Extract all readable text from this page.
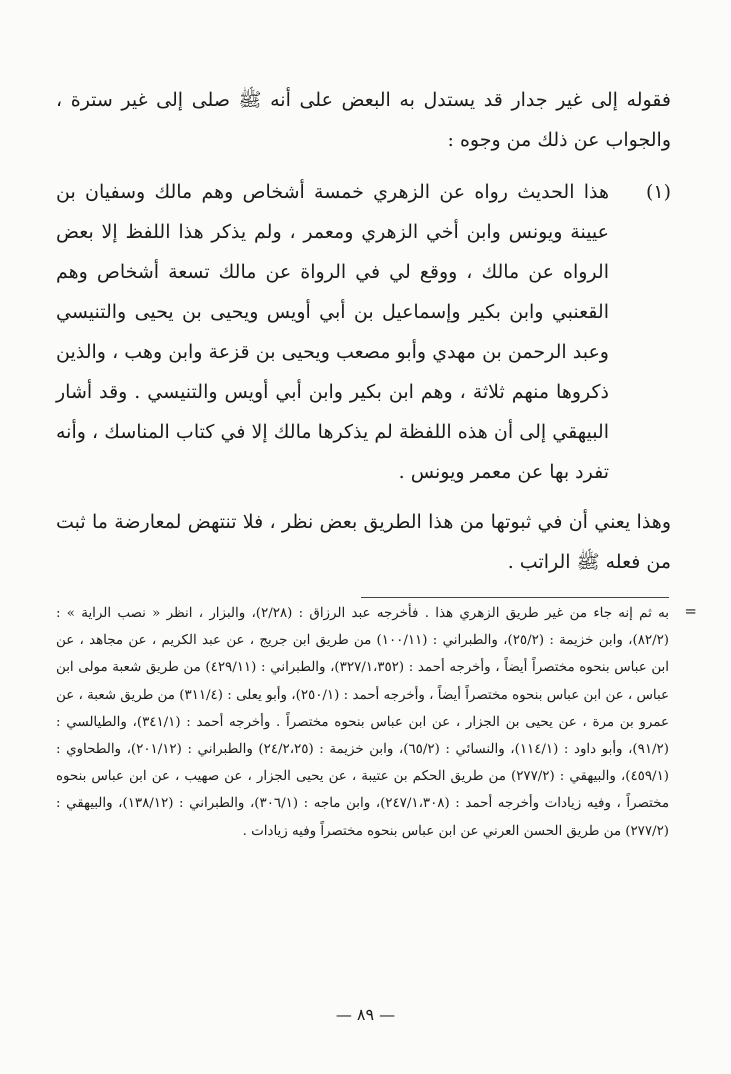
فقوله إلى غير جدار قد يستدل به البعض على أنه ﷺ صلى إلى غير سترة ، والجواب عن ذلك من وجوه :

(١)
هذا الحديث رواه عن الزهري خمسة أشخاص وهم مالك وسفيان بن عيينة ويونس وابن أخي الزهري ومعمر ، ولم يذكر هذا اللفظ إلا بعض الرواه عن مالك ، ووقع لي في الرواة عن مالك تسعة أشخاص وهم القعنبي وابن بكير وإسماعيل بن أبي أويس ويحيى بن يحيى والتنيسي وعبد الرحمن بن مهدي وأبو مصعب ويحيى بن قزعة وابن وهب ، والذين ذكروها منهم ثلاثة ، وهم ابن بكير وابن أبي أويس والتنيسي . وقد أشار البيهقي إلى أن هذه اللفظة لم يذكرها مالك إلا في كتاب المناسك ، وأنه تفرد بها عن معمر ويونس .

وهذا يعني أن في ثبوتها من هذا الطريق بعض نظر ، فلا تنتهض لمعارضة ما ثبت من فعله ﷺ الراتب .

=

به ثم إنه جاء من غير طريق الزهري هذا . فأخرجه عبد الرزاق : (٢/٢٨)، والبزار ، انظر « نصب الراية » : (٨٢/٢)، وابن خزيمة : (٢٥/٢)، والطبراني : (١٠٠/١١) من طريق ابن جريج ، عن عبد الكريم ، عن مجاهد ، عن ابن عباس بنحوه مختصراً أيضاً ، وأخرجه أحمد : (٣٢٧/١،٣٥٢)، والطبراني : (٤٢٩/١١) من طريق شعبة مولى ابن عباس ، عن ابن عباس بنحوه مختصراً أيضاً ، وأخرجه أحمد : (٢٥٠/١)، وأبو يعلى : (٣١١/٤) من طريق شعبة ، عن عمرو بن مرة ، عن يحيى بن الجزار ، عن ابن عباس بنحوه مختصراً . وأخرجه أحمد : (٣٤١/١)، والطيالسي : (٩١/٢)، وأبو داود : (١١٤/١)، والنسائي : (٦٥/٢)، وابن خزيمة : (٢٤/٢،٢٥) والطبراني : (٢٠١/١٢)، والطحاوي : (٤٥٩/١)، والبيهقي : (٢٧٧/٢) من طريق الحكم بن عتيبة ، عن يحيى الجزار ، عن صهيب ، عن ابن عباس بنحوه مختصراً ، وفيه زيادات وأخرجه أحمد : (٢٤٧/١،٣٠٨)، وابن ماجه : (٣٠٦/١)، والطبراني : (١٣٨/١٢)، والبيهقي : (٢٧٧/٢) من طريق الحسن العرني عن ابن عباس بنحوه مختصراً وفيه زيادات .

— ٨٩ —
